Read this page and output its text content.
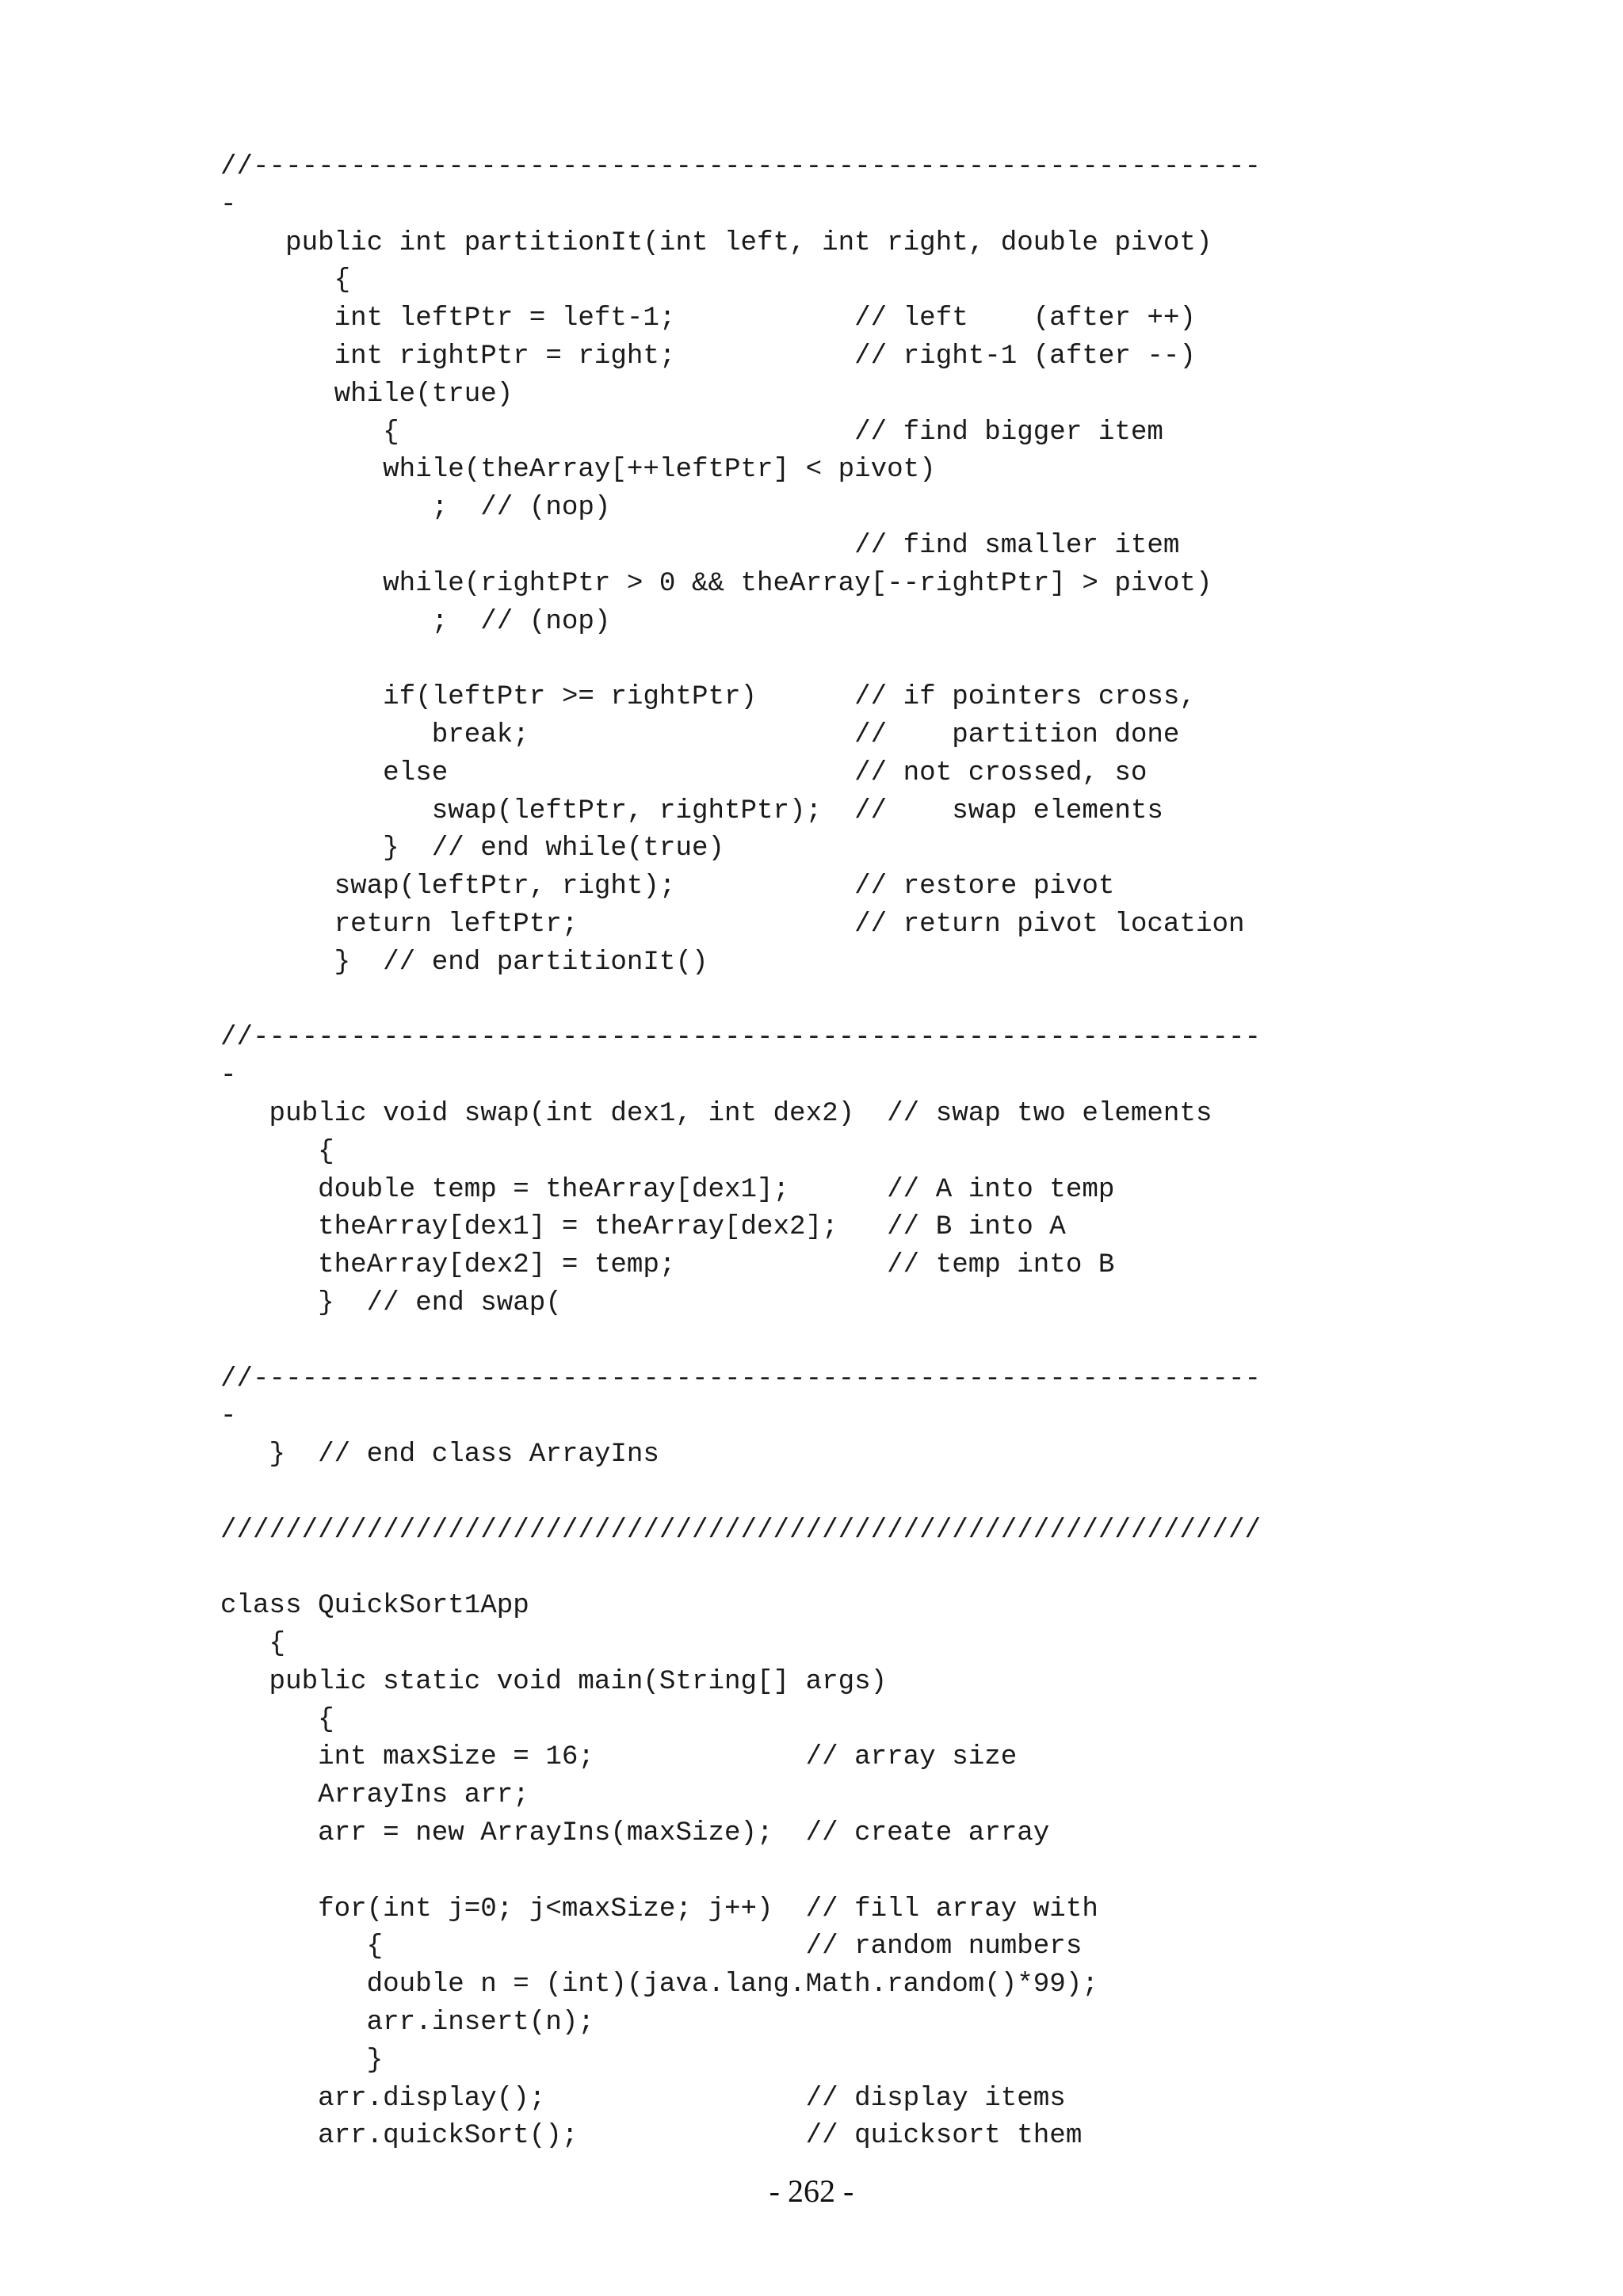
//--------------------------------------------------------------
-
public int partitionIt(int left, int right, double pivot)
{
int leftPtr = left-1;           // left    (after ++)
int rightPtr = right;           // right-1 (after --)
while(true)
{                            // find bigger item
while(theArray[++leftPtr] < pivot)
;  // (nop)
// find smaller item
while(rightPtr > 0 && theArray[--rightPtr] > pivot)
;  // (nop)
if(leftPtr >= rightPtr)      // if pointers cross,
break;                    //    partition done
else                         // not crossed, so
swap(leftPtr, rightPtr);  //    swap elements
}  // end while(true)
swap(leftPtr, right);           // restore pivot
return leftPtr;                 // return pivot location
}  // end partitionIt()
//--------------------------------------------------------------
-
public void swap(int dex1, int dex2)  // swap two elements
{
double temp = theArray[dex1];      // A into temp
theArray[dex1] = theArray[dex2];   // B into A
theArray[dex2] = temp;             // temp into B
}  // end swap(
//--------------------------------------------------------------
-
}  // end class ArrayIns
////////////////////////////////////////////////////////////////
class QuickSort1App
{
public static void main(String[] args)
{
int maxSize = 16;             // array size
ArrayIns arr;
arr = new ArrayIns(maxSize);  // create array
for(int j=0; j<maxSize; j++)  // fill array with
{                          // random numbers
double n = (int)(java.lang.Math.random()*99);
arr.insert(n);
}
arr.display();                // display items
arr.quickSort();              // quicksort them
- 262 -
